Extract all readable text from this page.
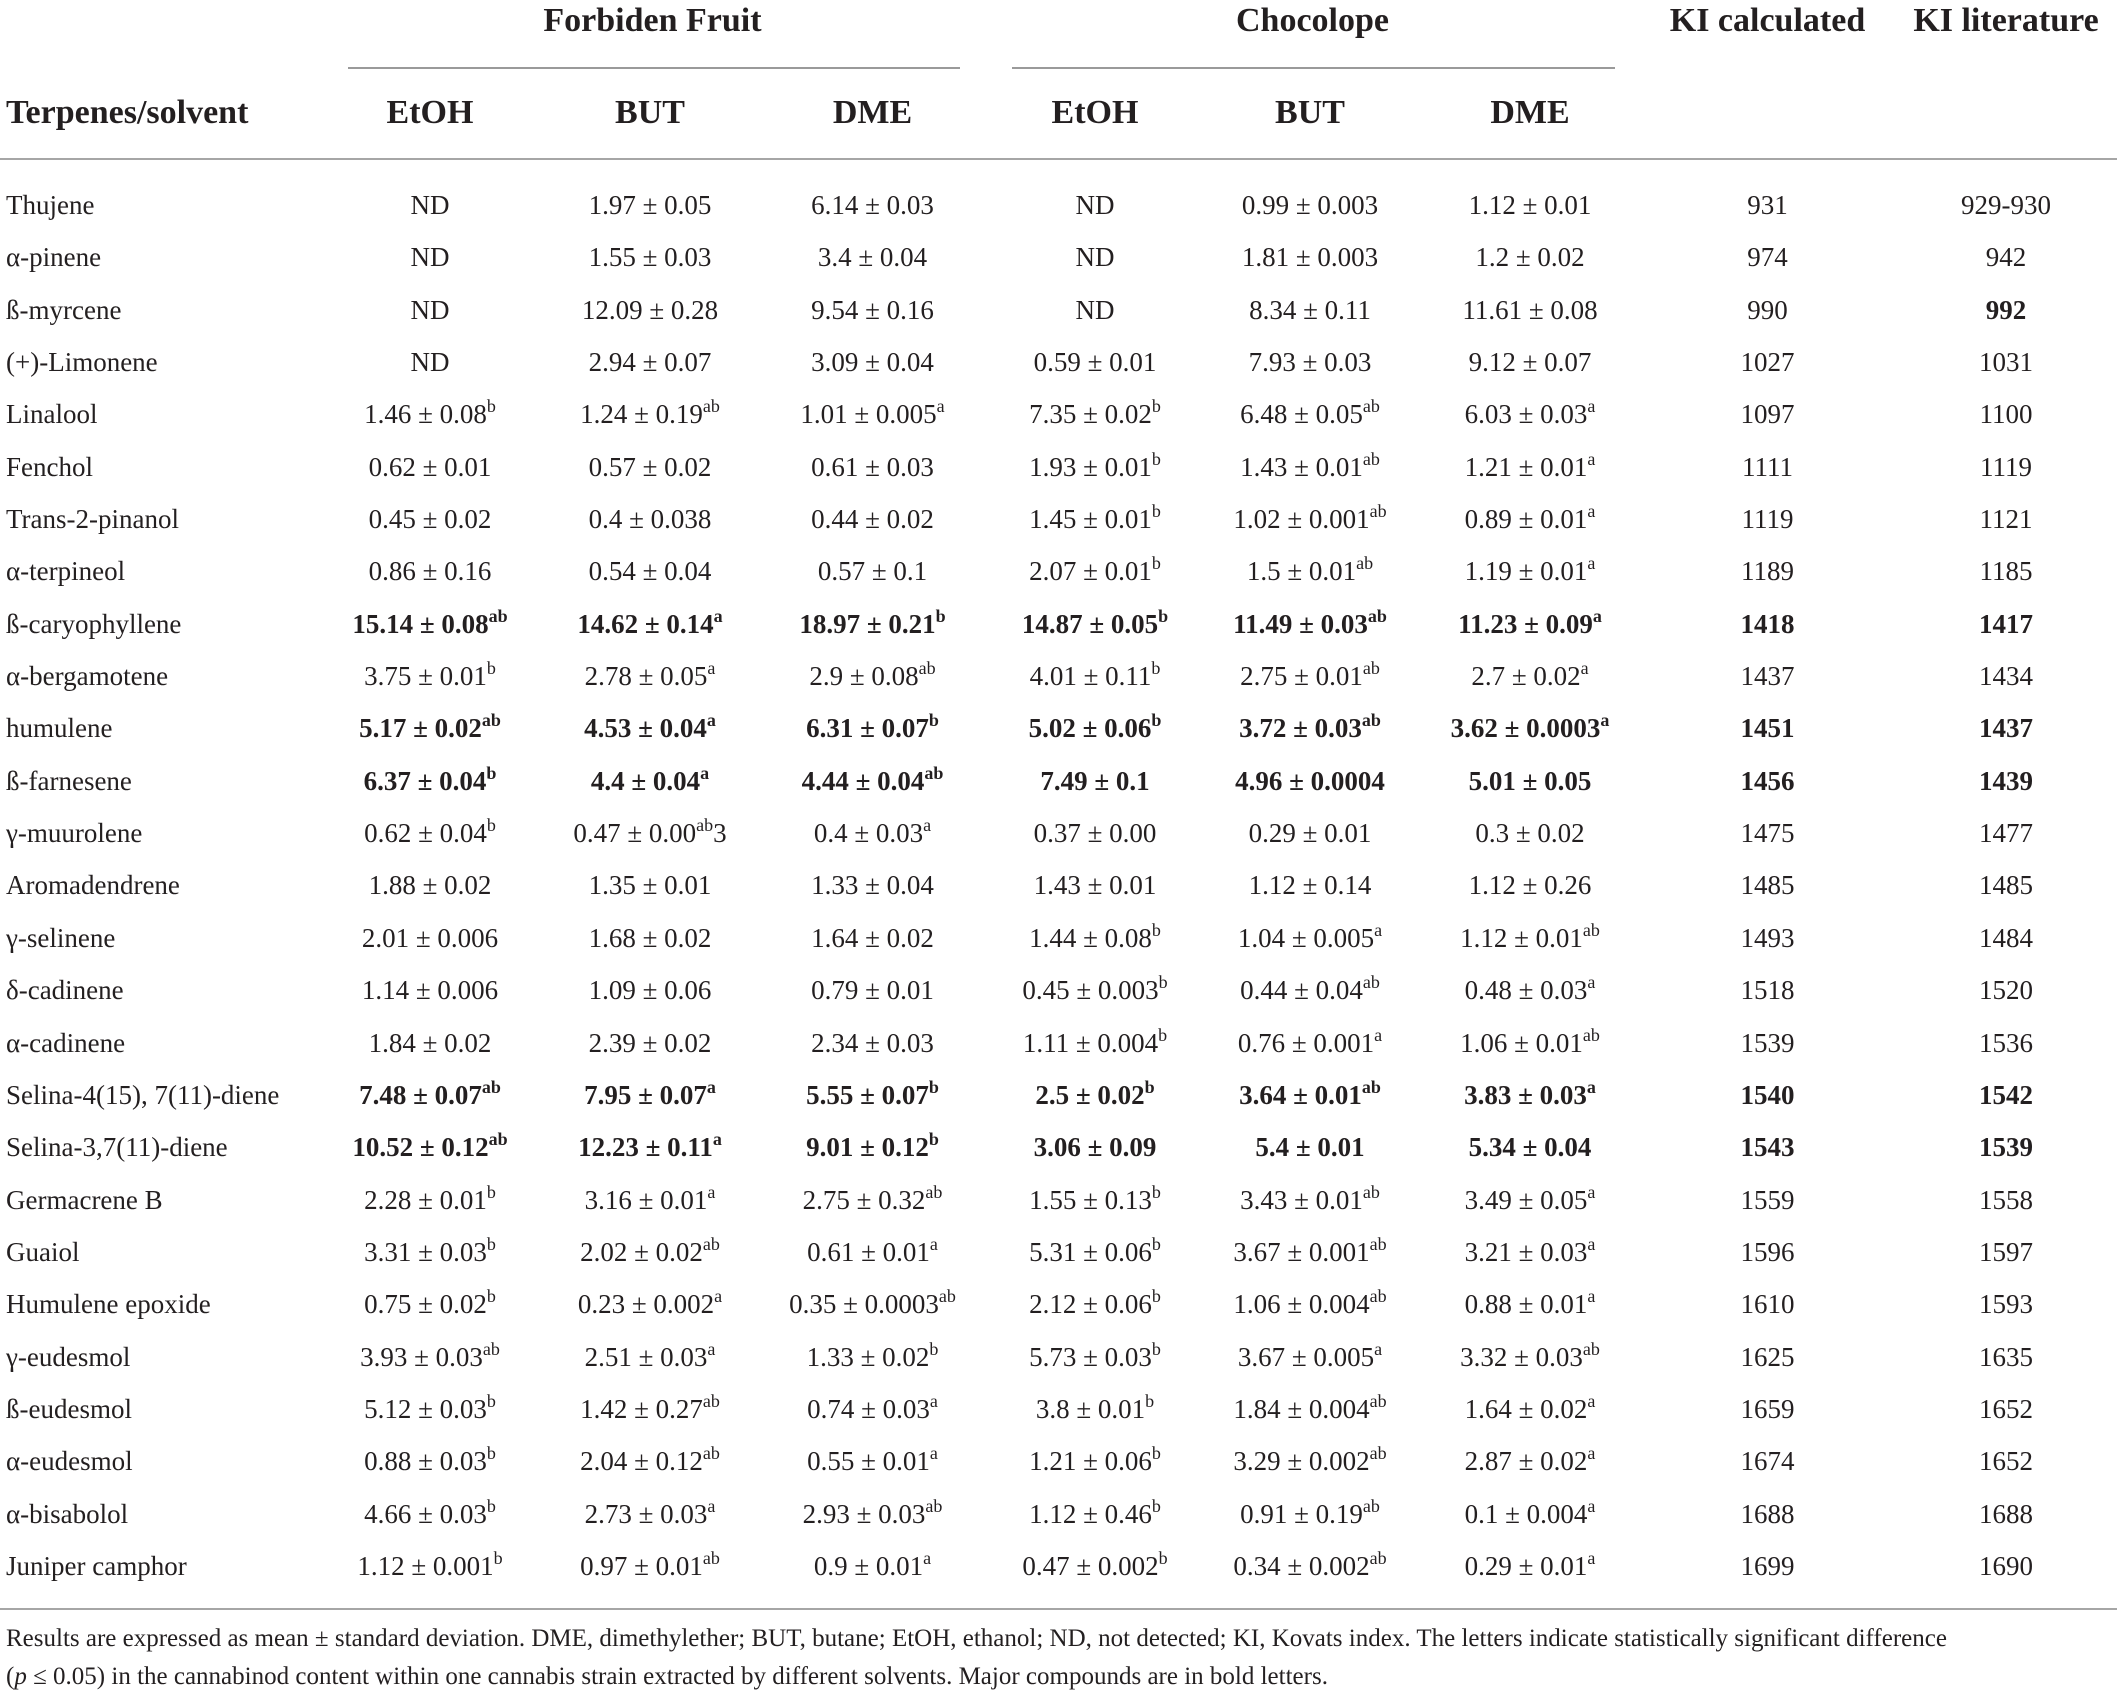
Forbiden Fruit	Chocolope	KI calculated	KI literature
Terpenes/solvent	EtOH	BUT	DME	EtOH	BUT	DME
Thujene	ND	1.97 ± 0.05	6.14 ± 0.03	ND	0.99 ± 0.003	1.12 ± 0.01	931	929-930
α-pinene	ND	1.55 ± 0.03	3.4 ± 0.04	ND	1.81 ± 0.003	1.2 ± 0.02	974	942
ß-myrcene	ND	12.09 ± 0.28	9.54 ± 0.16	ND	8.34 ± 0.11	11.61 ± 0.08	990	992
(+)-Limonene	ND	2.94 ± 0.07	3.09 ± 0.04	0.59 ± 0.01	7.93 ± 0.03	9.12 ± 0.07	1027	1031
Linalool	1.46 ± 0.08$^b$	1.24 ± 0.19$^{ab}$	1.01 ± 0.005$^a$	7.35 ± 0.02$^b$	6.48 ± 0.05$^{ab}$	6.03 ± 0.03$^a$	1097	1100
Fenchol	0.62 ± 0.01	0.57 ± 0.02	0.61 ± 0.03	1.93 ± 0.01$^b$	1.43 ± 0.01$^{ab}$	1.21 ± 0.01$^a$	1111	1119
Trans-2-pinanol	0.45 ± 0.02	0.4 ± 0.038	0.44 ± 0.02	1.45 ± 0.01$^b$	1.02 ± 0.001$^{ab}$	0.89 ± 0.01$^a$	1119	1121
α-terpineol	0.86 ± 0.16	0.54 ± 0.04	0.57 ± 0.1	2.07 ± 0.01$^b$	1.5 ± 0.01$^{ab}$	1.19 ± 0.01$^a$	1189	1185
ß-caryophyllene	15.14 ± 0.08$^{ab}$	14.62 ± 0.14$^a$	18.97 ± 0.21$^b$	14.87 ± 0.05$^b$	11.49 ± 0.03$^{ab}$	11.23 ± 0.09$^a$	1418	1417
α-bergamotene	3.75 ± 0.01$^b$	2.78 ± 0.05$^a$	2.9 ± 0.08$^{ab}$	4.01 ± 0.11$^b$	2.75 ± 0.01$^{ab}$	2.7 ± 0.02$^a$	1437	1434
humulene	5.17 ± 0.02$^{ab}$	4.53 ± 0.04$^a$	6.31 ± 0.07$^b$	5.02 ± 0.06$^b$	3.72 ± 0.03$^{ab}$	3.62 ± 0.0003$^a$	1451	1437
ß-farnesene	6.37 ± 0.04$^b$	4.4 ± 0.04$^a$	4.44 ± 0.04$^{ab}$	7.49 ± 0.1	4.96 ± 0.0004	5.01 ± 0.05	1456	1439
γ-muurolene	0.62 ± 0.04$^b$	0.47 ± 0.00$^{ab}$3	0.4 ± 0.03$^a$	0.37 ± 0.00	0.29 ± 0.01	0.3 ± 0.02	1475	1477
Aromadendrene	1.88 ± 0.02	1.35 ± 0.01	1.33 ± 0.04	1.43 ± 0.01	1.12 ± 0.14	1.12 ± 0.26	1485	1485
γ-selinene	2.01 ± 0.006	1.68 ± 0.02	1.64 ± 0.02	1.44 ± 0.08$^b$	1.04 ± 0.005$^a$	1.12 ± 0.01$^{ab}$	1493	1484
δ-cadinene	1.14 ± 0.006	1.09 ± 0.06	0.79 ± 0.01	0.45 ± 0.003$^b$	0.44 ± 0.04$^{ab}$	0.48 ± 0.03$^a$	1518	1520
α-cadinene	1.84 ± 0.02	2.39 ± 0.02	2.34 ± 0.03	1.11 ± 0.004$^b$	0.76 ± 0.001$^a$	1.06 ± 0.01$^{ab}$	1539	1536
Selina-4(15), 7(11)-diene	7.48 ± 0.07$^{ab}$	7.95 ± 0.07$^a$	5.55 ± 0.07$^b$	2.5 ± 0.02$^b$	3.64 ± 0.01$^{ab}$	3.83 ± 0.03$^a$	1540	1542
Selina-3,7(11)-diene	10.52 ± 0.12$^{ab}$	12.23 ± 0.11$^a$	9.01 ± 0.12$^b$	3.06 ± 0.09	5.4 ± 0.01	5.34 ± 0.04	1543	1539
Germacrene B	2.28 ± 0.01$^b$	3.16 ± 0.01$^a$	2.75 ± 0.32$^{ab}$	1.55 ± 0.13$^b$	3.43 ± 0.01$^{ab}$	3.49 ± 0.05$^a$	1559	1558
Guaiol	3.31 ± 0.03$^b$	2.02 ± 0.02$^{ab}$	0.61 ± 0.01$^a$	5.31 ± 0.06$^b$	3.67 ± 0.001$^{ab}$	3.21 ± 0.03$^a$	1596	1597
Humulene epoxide	0.75 ± 0.02$^b$	0.23 ± 0.002$^a$	0.35 ± 0.0003$^{ab}$	2.12 ± 0.06$^b$	1.06 ± 0.004$^{ab}$	0.88 ± 0.01$^a$	1610	1593
γ-eudesmol	3.93 ± 0.03$^{ab}$	2.51 ± 0.03$^a$	1.33 ± 0.02$^b$	5.73 ± 0.03$^b$	3.67 ± 0.005$^a$	3.32 ± 0.03$^{ab}$	1625	1635
ß-eudesmol	5.12 ± 0.03$^b$	1.42 ± 0.27$^{ab}$	0.74 ± 0.03$^a$	3.8 ± 0.01$^b$	1.84 ± 0.004$^{ab}$	1.64 ± 0.02$^a$	1659	1652
α-eudesmol	0.88 ± 0.03$^b$	2.04 ± 0.12$^{ab}$	0.55 ± 0.01$^a$	1.21 ± 0.06$^b$	3.29 ± 0.002$^{ab}$	2.87 ± 0.02$^a$	1674	1652
α-bisabolol	4.66 ± 0.03$^b$	2.73 ± 0.03$^a$	2.93 ± 0.03$^{ab}$	1.12 ± 0.46$^b$	0.91 ± 0.19$^{ab}$	0.1 ± 0.004$^a$	1688	1688
Juniper camphor	1.12 ± 0.001$^b$	0.97 ± 0.01$^{ab}$	0.9 ± 0.01$^a$	0.47 ± 0.002$^b$	0.34 ± 0.002$^{ab}$	0.29 ± 0.01$^a$	1699	1690
Results are expressed as mean ± standard deviation. DME, dimethylether; BUT, butane; EtOH, ethanol; ND, not detected; KI, Kovats index. The letters indicate statistically significant difference
(p ≤ 0.05) in the cannabinod content within one cannabis strain extracted by different solvents. Major compounds are in bold letters.
